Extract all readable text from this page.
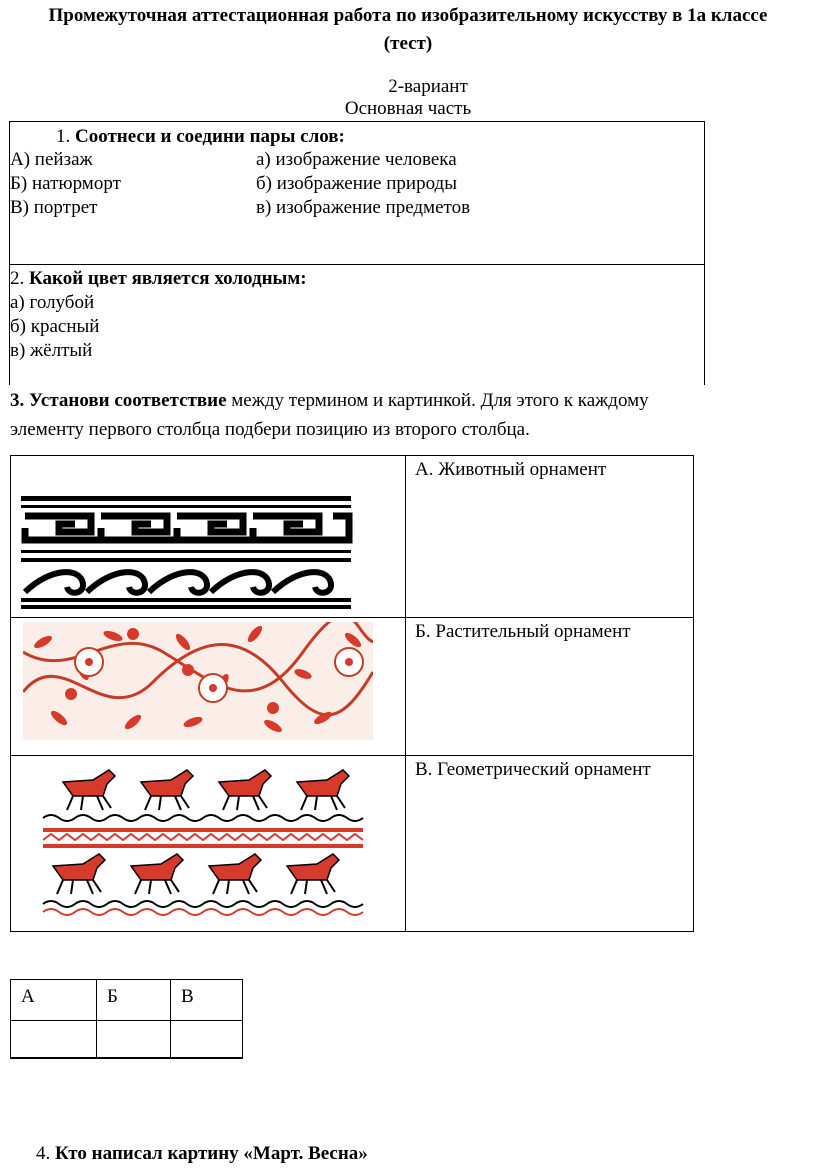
Промежуточная аттестационная работа по изобразительному искусству в 1а классе
(тест)
2-вариант
Основная часть
1. Соотнеси и соедини пары слов:
А) пейзаж
Б) натюрморт
В) портрет
а) изображение человека
б) изображение природы
в) изображение предметов
2. Какой цвет является холодным:
а) голубой
б) красный
в) жёлтый
3. Установи соответствие между термином и картинкой. Для этого к каждому элементу первого столбца подбери позицию из второго столбца.
А. Животный орнамент
Б. Растительный орнамент
В. Геометрический орнамент
А	Б	В
4. Кто написал картину «Март. Весна»
